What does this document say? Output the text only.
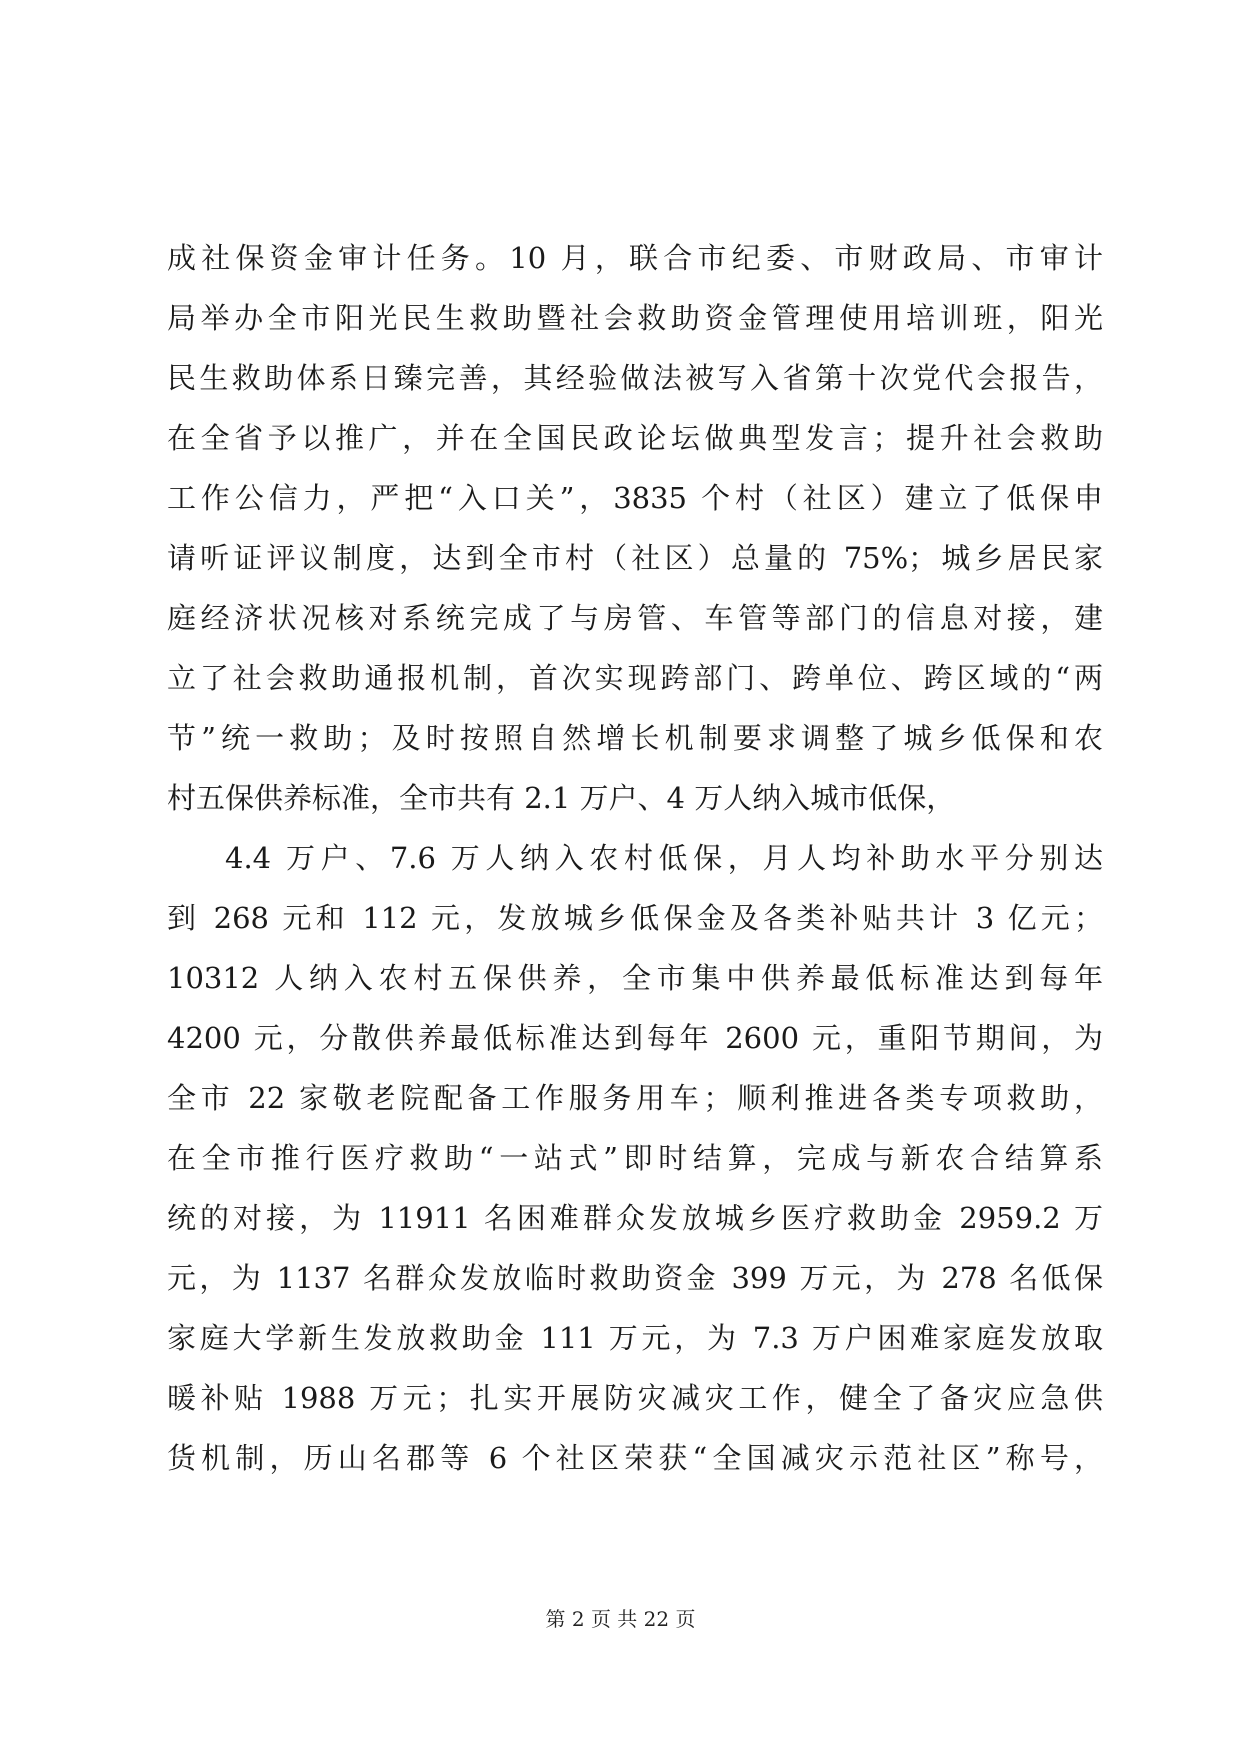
成社保资金审计任务。10 月，联合市纪委、市财政局、市审计
局举办全市阳光民生救助暨社会救助资金管理使用培训班，阳光
民生救助体系日臻完善，其经验做法被写入省第十次党代会报告，
在全省予以推广，并在全国民政论坛做典型发言；提升社会救助
工作公信力，严把“入口关”，3835 个村（社区）建立了低保申
请听证评议制度，达到全市村（社区）总量的 75%；城乡居民家
庭经济状况核对系统完成了与房管、车管等部门的信息对接，建
立了社会救助通报机制，首次实现跨部门、跨单位、跨区域的“两
节”统一救助；及时按照自然增长机制要求调整了城乡低保和农
村五保供养标准，全市共有 2.1 万户、4 万人纳入城市低保，
4.4 万户、7.6 万人纳入农村低保，月人均补助水平分别达
到 268 元和 112 元，发放城乡低保金及各类补贴共计 3 亿元；
10312 人纳入农村五保供养，全市集中供养最低标准达到每年
4200 元，分散供养最低标准达到每年 2600 元，重阳节期间，为
全市 22 家敬老院配备工作服务用车；顺利推进各类专项救助，
在全市推行医疗救助“一站式”即时结算，完成与新农合结算系
统的对接，为 11911 名困难群众发放城乡医疗救助金 2959.2 万
元，为 1137 名群众发放临时救助资金 399 万元，为 278 名低保
家庭大学新生发放救助金 111 万元，为 7.3 万户困难家庭发放取
暖补贴 1988 万元；扎实开展防灾减灾工作，健全了备灾应急供
货机制，历山名郡等 6 个社区荣获“全国减灾示范社区”称号，
第 2 页 共 22 页
